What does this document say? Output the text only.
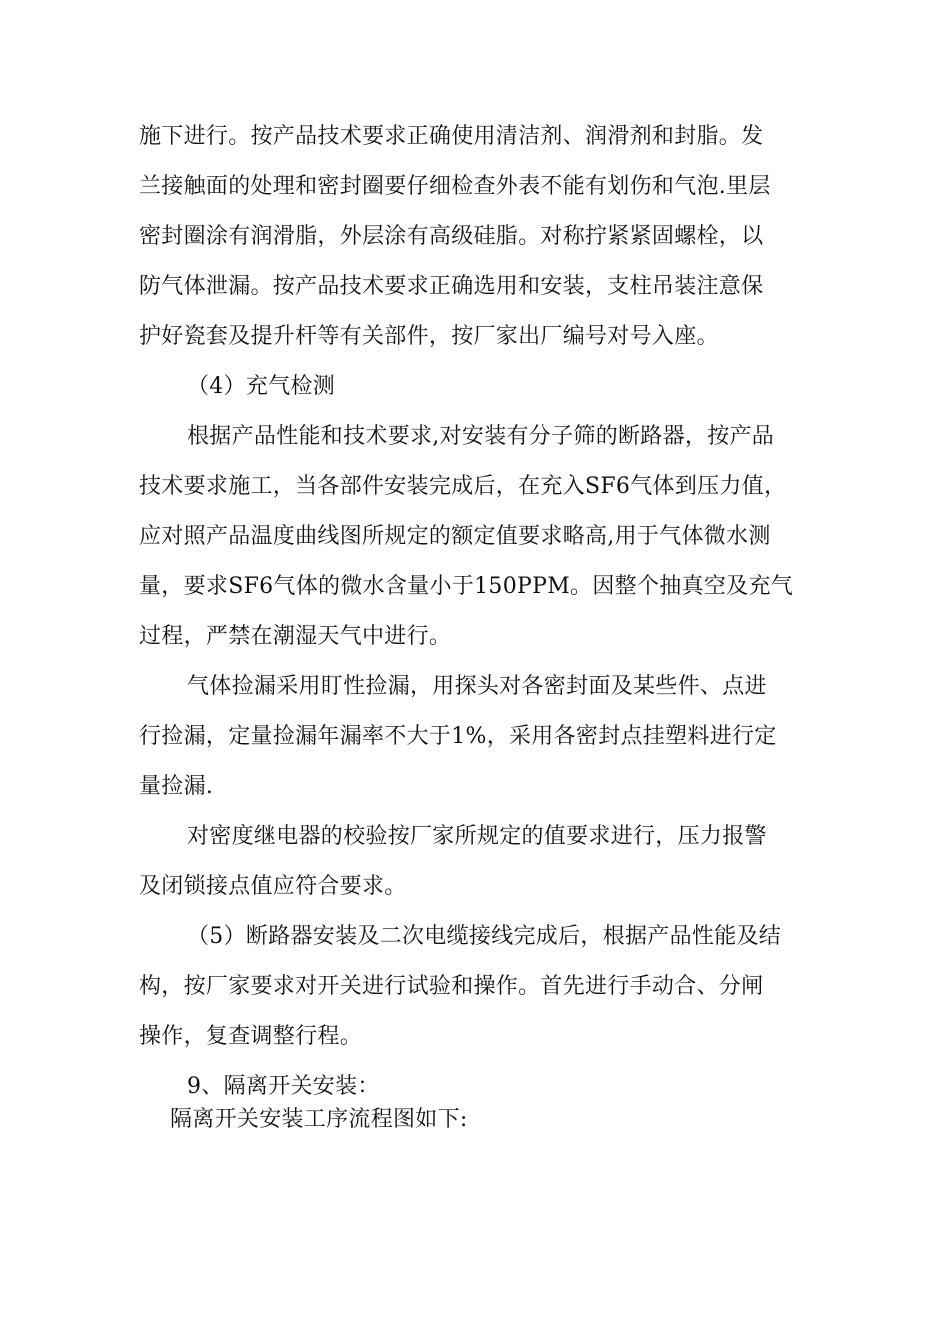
施下进行。按产品技术要求正确使用清洁剂、润滑剂和封脂。发
兰接触面的处理和密封圈要仔细检查外表不能有划伤和气泡.里层
密封圈涂有润滑脂，外层涂有高级硅脂。对称拧紧紧固螺栓，以
防气体泄漏。按产品技术要求正确选用和安装，支柱吊装注意保
护好瓷套及提升杆等有关部件，按厂家出厂编号对号入座。
（4）充气检测
根据产品性能和技术要求,对安装有分子筛的断路器，按产品
技术要求施工，当各部件安装完成后，在充入SF6气体到压力值，
应对照产品温度曲线图所规定的额定值要求略高,用于气体微水测
量，要求SF6气体的微水含量小于150PPM。因整个抽真空及充气
过程，严禁在潮湿天气中进行。
气体捡漏采用盯性捡漏，用探头对各密封面及某些件、点进
行捡漏，定量捡漏年漏率不大于1%，采用各密封点挂塑料进行定
量捡漏.
对密度继电器的校验按厂家所规定的值要求进行，压力报警
及闭锁接点值应符合要求。
（5）断路器安装及二次电缆接线完成后，根据产品性能及结
构，按厂家要求对开关进行试验和操作。首先进行手动合、分闸
操作，复查调整行程。
9、隔离开关安装：
隔离开关安装工序流程图如下:
